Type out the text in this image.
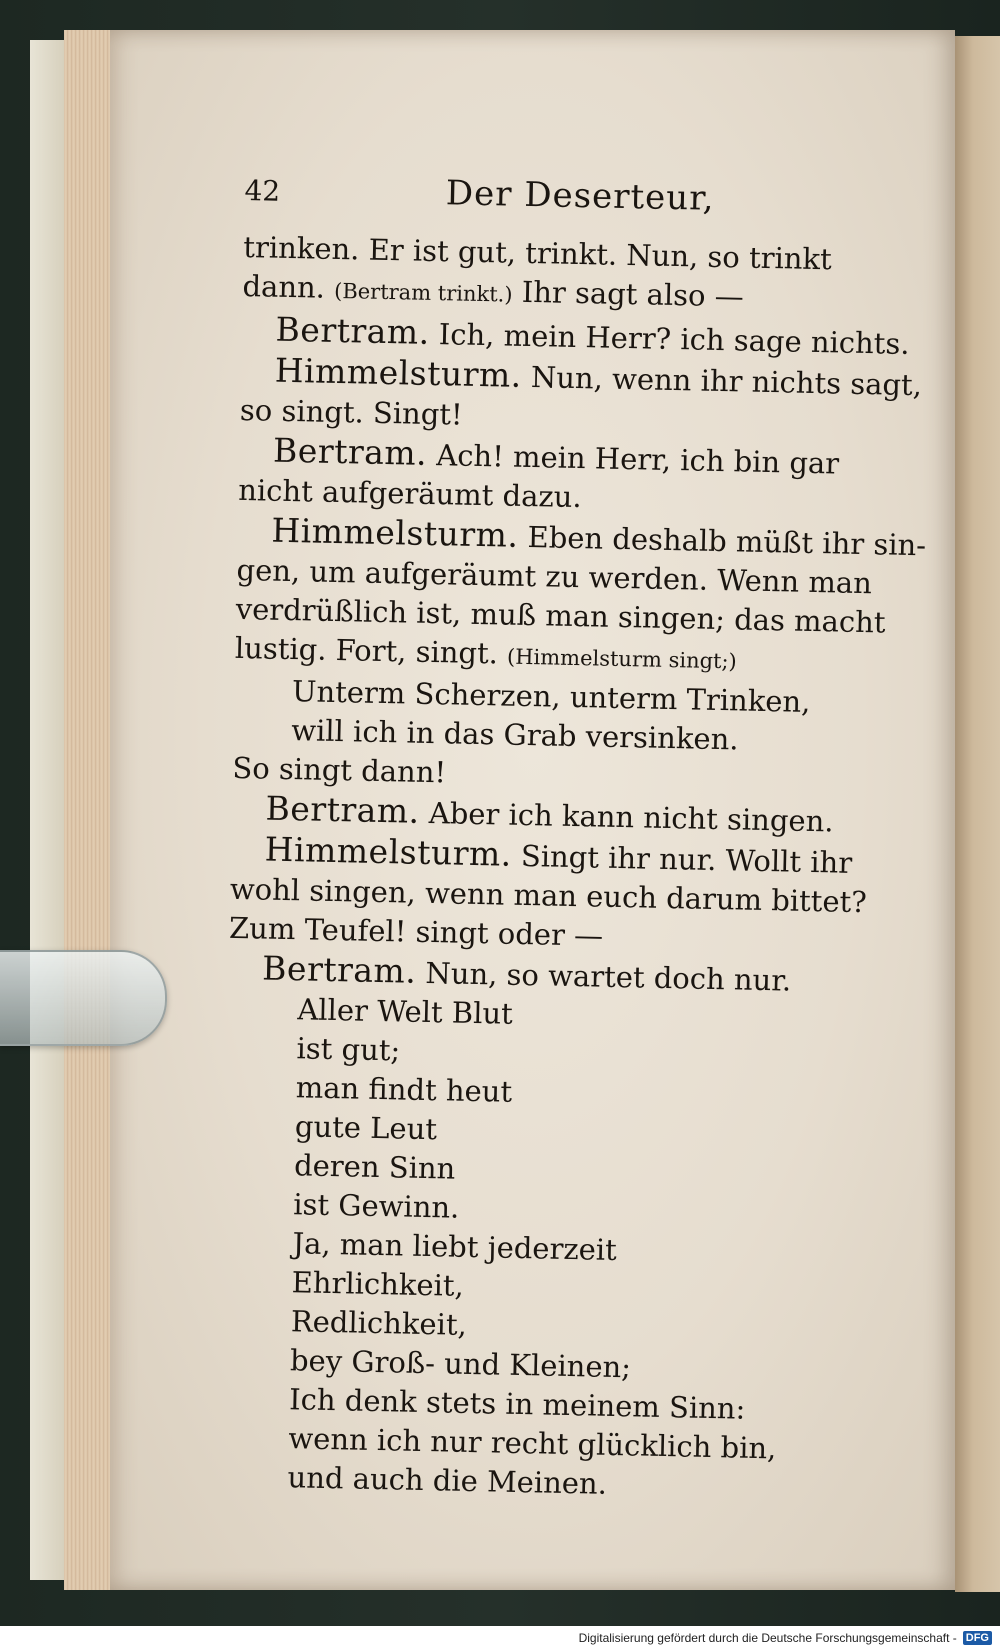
42	Der Deserteur,
trinken. Er ist gut, trinkt. Nun, so trinkt
dann. (Bertram trinkt.) Ihr sagt also —
Bertram. Ich, mein Herr? ich sage nichts.
Himmelsturm. Nun, wenn ihr nichts sagt,
so singt. Singt!
Bertram. Ach! mein Herr, ich bin gar
nicht aufgeräumt dazu.
Himmelsturm. Eben deshalb müßt ihr sin-
gen, um aufgeräumt zu werden. Wenn man
verdrüßlich ist, muß man singen; das macht
lustig. Fort, singt. (Himmelsturm singt;)
Unterm Scherzen, unterm Trinken,
will ich in das Grab versinken.
So singt dann!
Bertram. Aber ich kann nicht singen.
Himmelsturm. Singt ihr nur. Wollt ihr
wohl singen, wenn man euch darum bittet?
Zum Teufel! singt oder —
Bertram. Nun, so wartet doch nur.
Aller Welt Blut
ist gut;
man findt heut
gute Leut
deren Sinn
ist Gewinn.
Ja, man liebt jederzeit
Ehrlichkeit,
Redlichkeit,
bey Groß- und Kleinen;
Ich denk stets in meinem Sinn:
wenn ich nur recht glücklich bin,
und auch die Meinen.
Digitalisierung gefördert durch die Deutsche Forschungsgemeinschaft - DFG
